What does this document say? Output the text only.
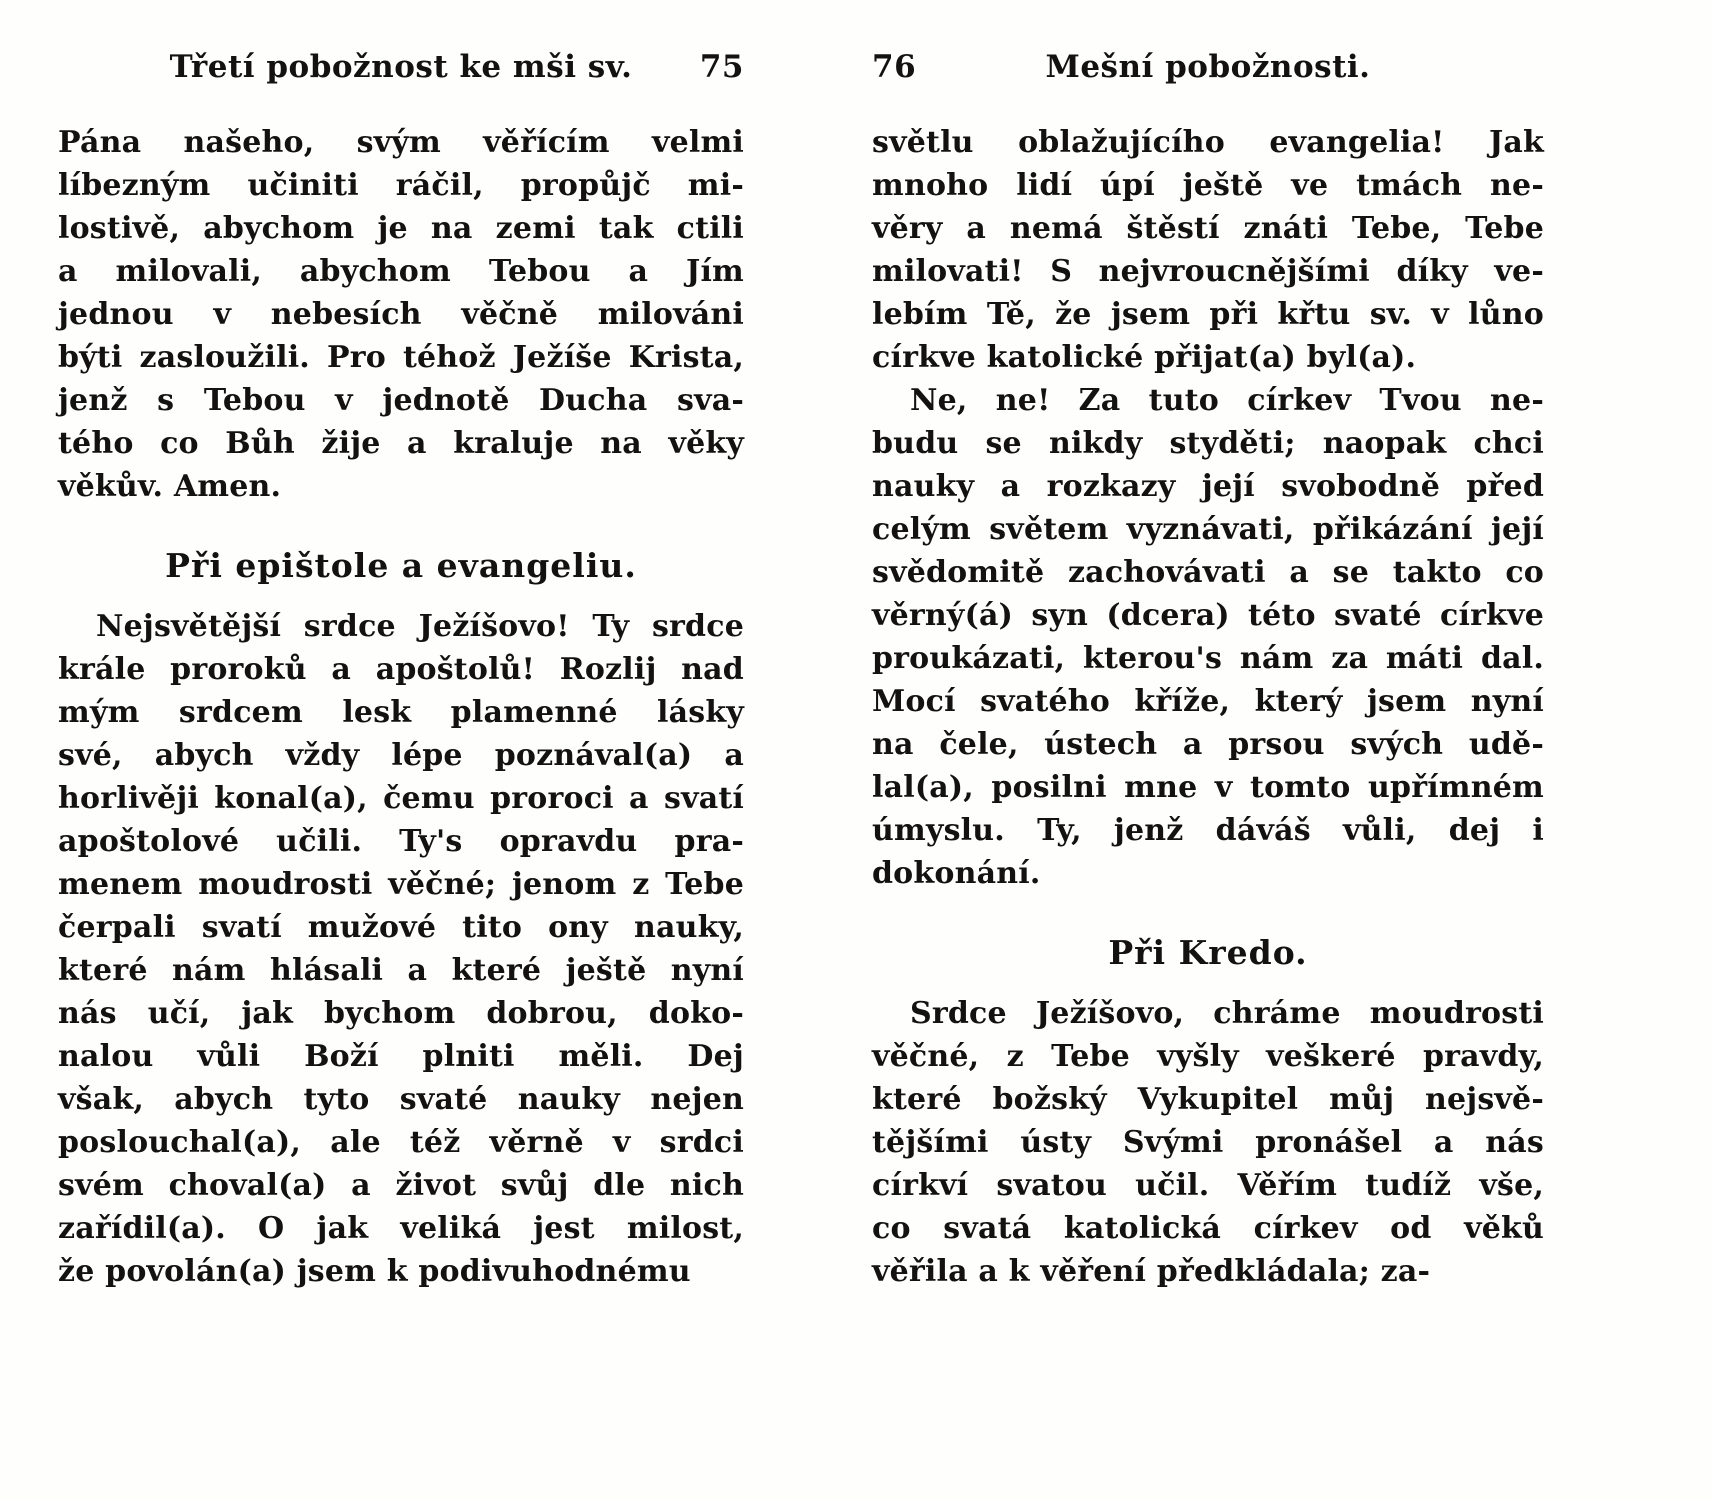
Třetí pobožnost ke mši sv. 75
Pána našeho, svým věřícím velmi
líbezným učiniti ráčil, propůjč mi-
lostivě, abychom je na zemi tak ctili
a milovali, abychom Tebou a Jím
jednou v nebesích věčně milováni
býti zasloužili. Pro téhož Ježíše Krista,
jenž s Tebou v jednotě Ducha sva-
tého co Bůh žije a kraluje na věky
věkův. Amen.
Při epištole a evangeliu.
Nejsvětější srdce Ježíšovo! Ty srdce
krále proroků a apoštolů! Rozlij nad
mým srdcem lesk plamenné lásky
své, abych vždy lépe poznával(a) a
horlivěji konal(a), čemu proroci a svatí
apoštolové učili. Ty's opravdu pra-
menem moudrosti věčné; jenom z Tebe
čerpali svatí mužové tito ony nauky,
které nám hlásali a které ještě nyní
nás učí, jak bychom dobrou, doko-
nalou vůli Boží plniti měli. Dej
však, abych tyto svaté nauky nejen
poslouchal(a), ale též věrně v srdci
svém choval(a) a život svůj dle nich
zařídil(a). O jak veliká jest milost,
že povolán(a) jsem k podivuhodnému
76	Mešní pobožnosti.
světlu oblažujícího evangelia! Jak
mnoho lidí úpí ještě ve tmách ne-
věry a nemá štěstí znáti Tebe, Tebe
milovati! S nejvroucnějšími díky ve-
lebím Tě, že jsem při křtu sv. v lůno
církve katolické přijat(a) byl(a).
Ne, ne! Za tuto církev Tvou ne-
budu se nikdy styděti; naopak chci
nauky a rozkazy její svobodně před
celým světem vyznávati, přikázání její
svědomitě zachovávati a se takto co
věrný(á) syn (dcera) této svaté církve
proukázati, kterou's nám za máti dal.
Mocí svatého kříže, který jsem nyní
na čele, ústech a prsou svých udě-
lal(a), posilni mne v tomto upřímném
úmyslu. Ty, jenž dáváš vůli, dej i
dokonání.
Při Kredo.
Srdce Ježíšovo, chráme moudrosti
věčné, z Tebe vyšly veškeré pravdy,
které božský Vykupitel můj nejsvě-
tějšími ústy Svými pronášel a nás
církví svatou učil. Věřím tudíž vše,
co svatá katolická církev od věků
věřila a k věření předkládala; za-
